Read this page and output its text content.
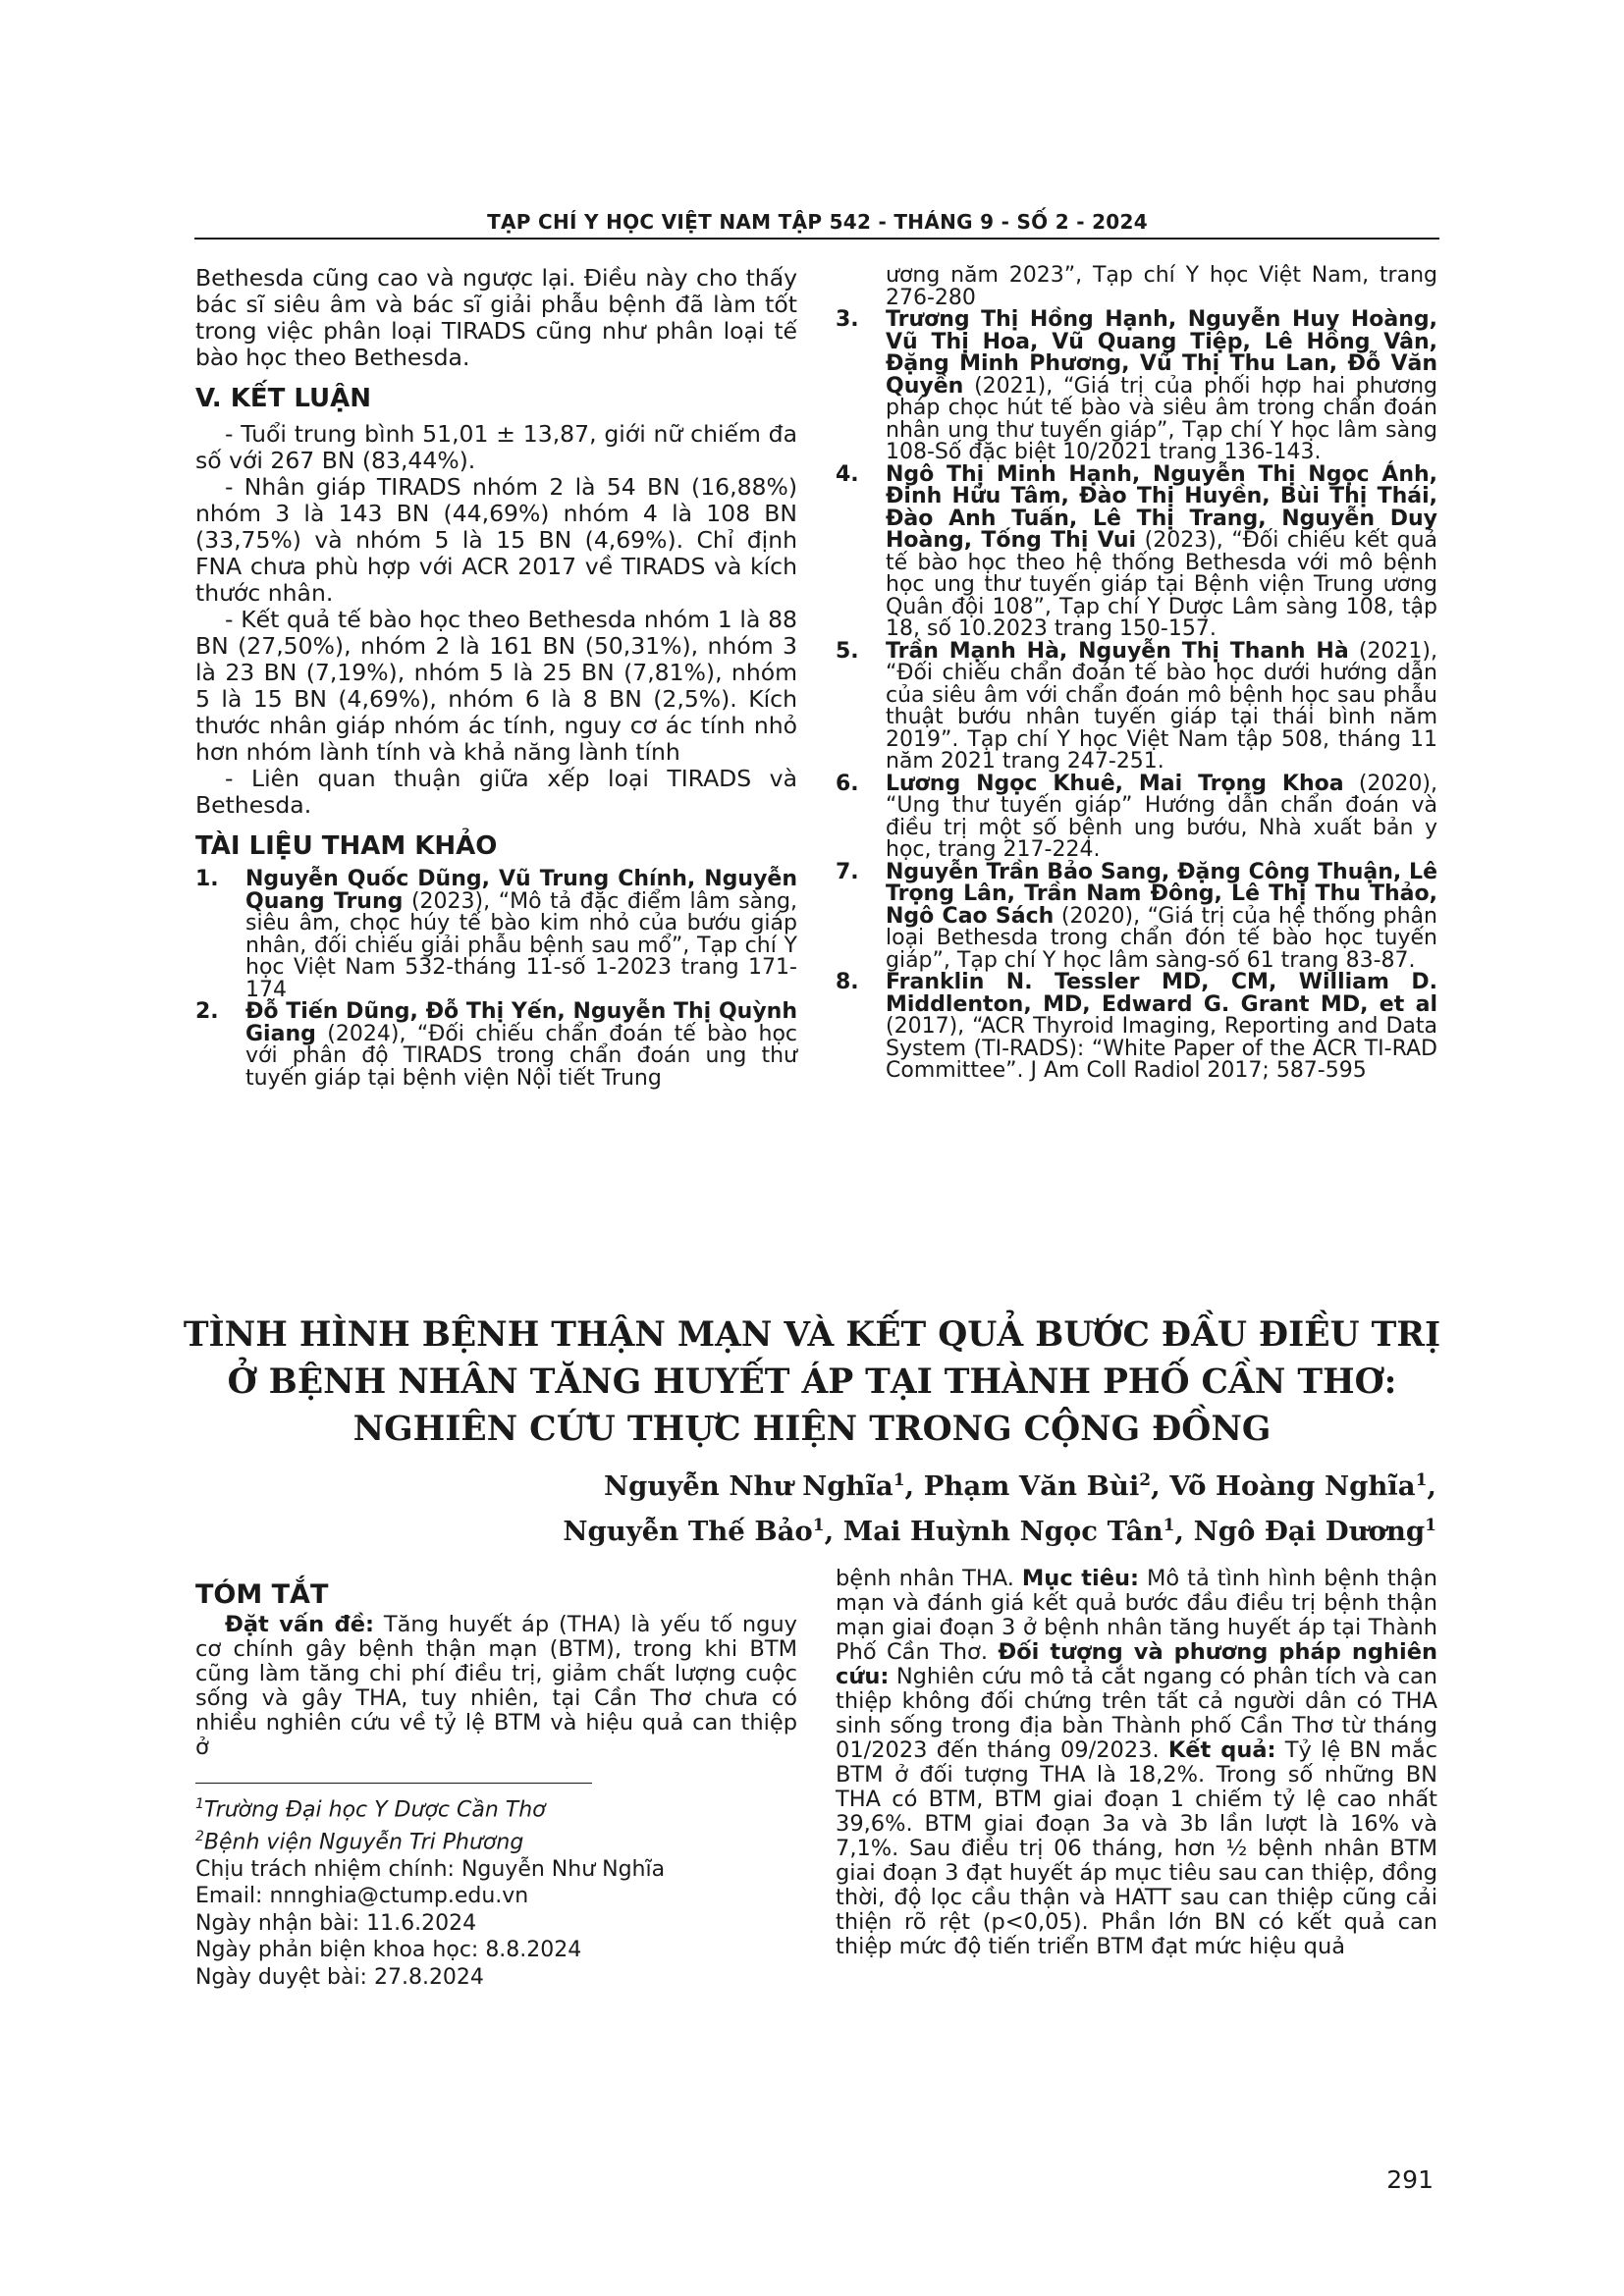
TẠP CHÍ Y HỌC VIỆT NAM TẬP 542 - THÁNG 9 - SỐ 2 - 2024

Bethesda cũng cao và ngược lại. Điều này cho thấy bác sĩ siêu âm và bác sĩ giải phẫu bệnh đã làm tốt trong việc phân loại TIRADS cũng như phân loại tế bào học theo Bethesda.

V. KẾT LUẬN

- Tuổi trung bình 51,01 ± 13,87, giới nữ chiếm đa số với 267 BN (83,44%).

- Nhân giáp TIRADS nhóm 2 là 54 BN (16,88%) nhóm 3 là 143 BN (44,69%) nhóm 4 là 108 BN (33,75%) và nhóm 5 là 15 BN (4,69%). Chỉ định FNA chưa phù hợp với ACR 2017 về TIRADS và kích thước nhân.

- Kết quả tế bào học theo Bethesda nhóm 1 là 88 BN (27,50%), nhóm 2 là 161 BN (50,31%), nhóm 3 là 23 BN (7,19%), nhóm 5 là 25 BN (7,81%), nhóm 5 là 15 BN (4,69%), nhóm 6 là 8 BN (2,5%). Kích thước nhân giáp nhóm ác tính, nguy cơ ác tính nhỏ hơn nhóm lành tính và khả năng lành tính

- Liên quan thuận giữa xếp loại TIRADS và Bethesda.

TÀI LIỆU THAM KHẢO
1.	Nguyễn Quốc Dũng, Vũ Trung Chính, Nguyễn Quang Trung (2023), “Mô tả đặc điểm lâm sàng, siêu âm, chọc húy tế bào kim nhỏ của bướu giáp nhân, đối chiếu giải phẫu bệnh sau mổ”, Tạp chí Y học Việt Nam 532-tháng 11-số 1-2023 trang 171-174
2.	Đỗ Tiến Dũng, Đỗ Thị Yến, Nguyễn Thị Quỳnh Giang (2024), “Đối chiếu chẩn đoán tế bào học với phân độ TIRADS trong chẩn đoán ung thư tuyến giáp tại bệnh viện Nội tiết Trung
ương năm 2023”, Tạp chí Y học Việt Nam, trang 276-280
3.	Trương Thị Hồng Hạnh, Nguyễn Huy Hoàng, Vũ Thị Hoa, Vũ Quang Tiệp, Lê Hồng Vân, Đặng Minh Phương, Vũ Thị Thu Lan, Đỗ Văn Quyền (2021), “Giá trị của phối hợp hai phương pháp chọc hút tế bào và siêu âm trong chẩn đoán nhân ung thư tuyến giáp”, Tạp chí Y học lâm sàng 108-Số đặc biệt 10/2021 trang 136-143.
4.	Ngô Thị Minh Hạnh, Nguyễn Thị Ngọc Ánh, Đinh Hữu Tâm, Đào Thị Huyền, Bùi Thị Thái, Đào Anh Tuấn, Lê Thị Trang, Nguyễn Duy Hoàng, Tống Thị Vui (2023), “Đối chiếu kết quả tế bào học theo hệ thống Bethesda với mô bệnh học ung thư tuyến giáp tại Bệnh viện Trung ương Quân đội 108”, Tạp chí Y Dược Lâm sàng 108, tập 18, số 10.2023 trang 150-157.
5.	Trần Mạnh Hà, Nguyễn Thị Thanh Hà (2021), “Đối chiếu chẩn đoán tế bào học dưới hướng dẫn của siêu âm với chẩn đoán mô bệnh học sau phẫu thuật bướu nhân tuyến giáp tại thái bình năm 2019”. Tạp chí Y học Việt Nam tập 508, tháng 11 năm 2021 trang 247-251.
6.	Lương Ngọc Khuê, Mai Trọng Khoa (2020), “Ung thư tuyến giáp” Hướng dẫn chẩn đoán và điều trị một số bệnh ung bướu, Nhà xuất bản y học, trang 217-224.
7.	Nguyễn Trần Bảo Sang, Đặng Công Thuận, Lê Trọng Lân, Trần Nam Đông, Lê Thị Thu Thảo, Ngô Cao Sách (2020), “Giá trị của hệ thống phân loại Bethesda trong chẩn đón tế bào học tuyến giáp”, Tạp chí Y học lâm sàng-số 61 trang 83-87.
8.	Franklin N. Tessler MD, CM, William D. Middlenton, MD, Edward G. Grant MD, et al (2017), “ACR Thyroid Imaging, Reporting and Data System (TI-RADS): “White Paper of the ACR TI-RAD Committee”. J Am Coll Radiol 2017; 587-595
TÌNH HÌNH BỆNH THẬN MẠN VÀ KẾT QUẢ BƯỚC ĐẦU ĐIỀU TRỊ
Ở BỆNH NHÂN TĂNG HUYẾT ÁP TẠI THÀNH PHỐ CẦN THƠ:
NGHIÊN CỨU THỰC HIỆN TRONG CỘNG ĐỒNG
Nguyễn Như Nghĩa$^1$, Phạm Văn Bùi$^2$, Võ Hoàng Nghĩa$^1$,
Nguyễn Thế Bảo$^1$, Mai Huỳnh Ngọc Tân$^1$, Ngô Đại Dương$^1$
TÓM TẮT

Đặt vấn đề: Tăng huyết áp (THA) là yếu tố nguy cơ chính gây bệnh thận mạn (BTM), trong khi BTM cũng làm tăng chi phí điều trị, giảm chất lượng cuộc sống và gây THA, tuy nhiên, tại Cần Thơ chưa có nhiều nghiên cứu về tỷ lệ BTM và hiệu quả can thiệp ở

bệnh nhân THA. Mục tiêu: Mô tả tình hình bệnh thận mạn và đánh giá kết quả bước đầu điều trị bệnh thận mạn giai đoạn 3 ở bệnh nhân tăng huyết áp tại Thành Phố Cần Thơ. Đối tượng và phương pháp nghiên cứu: Nghiên cứu mô tả cắt ngang có phân tích và can thiệp không đối chứng trên tất cả người dân có THA sinh sống trong địa bàn Thành phố Cần Thơ từ tháng 01/2023 đến tháng 09/2023. Kết quả: Tỷ lệ BN mắc BTM ở đối tượng THA là 18,2%. Trong số những BN THA có BTM, BTM giai đoạn 1 chiếm tỷ lệ cao nhất 39,6%. BTM giai đoạn 3a và 3b lần lượt là 16% và 7,1%. Sau điều trị 06 tháng, hơn ½ bệnh nhân BTM giai đoạn 3 đạt huyết áp mục tiêu sau can thiệp, đồng thời, độ lọc cầu thận và HATT sau can thiệp cũng cải thiện rõ rệt (p<0,05). Phần lớn BN có kết quả can thiệp mức độ tiến triển BTM đạt mức hiệu quả

$^1$Trường Đại học Y Dược Cần Thơ
$^2$Bệnh viện Nguyễn Tri Phương
Chịu trách nhiệm chính: Nguyễn Như Nghĩa
Email: nnnghia@ctump.edu.vn
Ngày nhận bài: 11.6.2024
Ngày phản biện khoa học: 8.8.2024
Ngày duyệt bài: 27.8.2024
291
